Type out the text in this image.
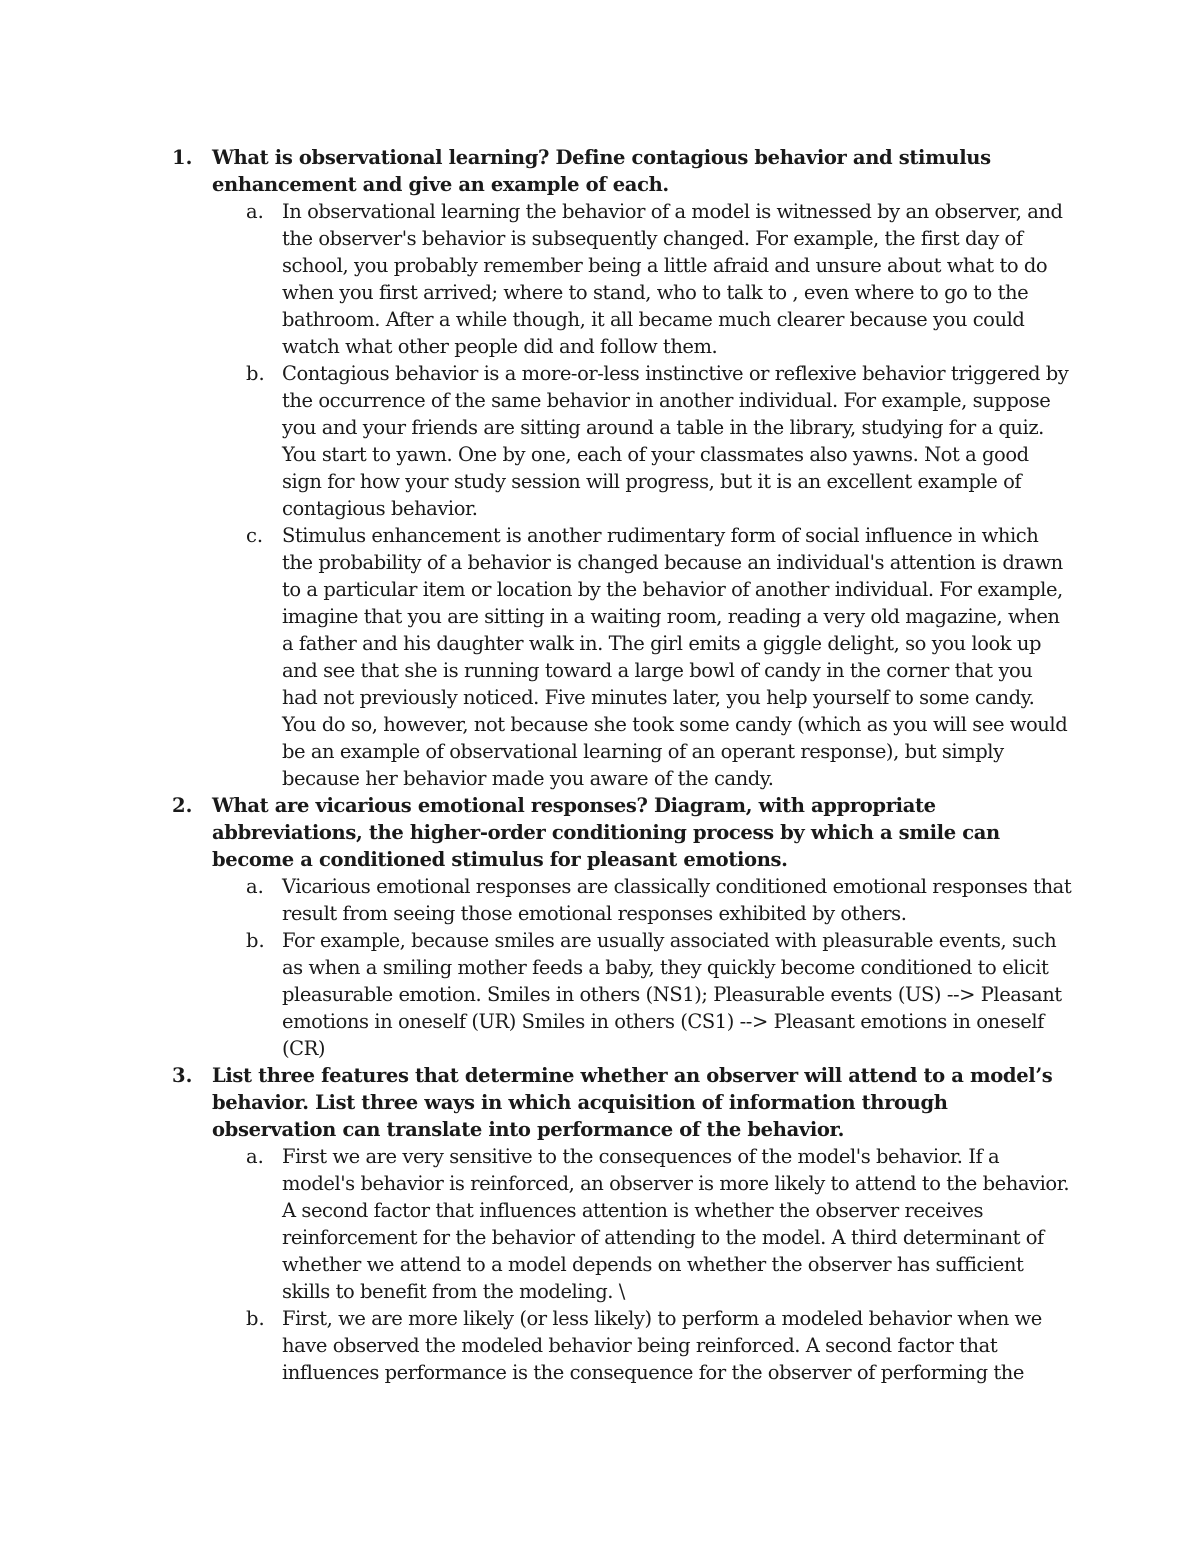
1. What is observational learning? Define contagious behavior and stimulus enhancement and give an example of each.

a. In observational learning the behavior of a model is witnessed by an observer, and the observer's behavior is subsequently changed. For example, the first day of school, you probably remember being a little afraid and unsure about what to do when you first arrived; where to stand, who to talk to , even where to go to the bathroom. After a while though, it all became much clearer because you could watch what other people did and follow them.

b. Contagious behavior is a more-or-less instinctive or reflexive behavior triggered by the occurrence of the same behavior in another individual. For example, suppose you and your friends are sitting around a table in the library, studying for a quiz. You start to yawn. One by one, each of your classmates also yawns. Not a good sign for how your study session will progress, but it is an excellent example of contagious behavior.

c. Stimulus enhancement is another rudimentary form of social influence in which the probability of a behavior is changed because an individual's attention is drawn to a particular item or location by the behavior of another individual. For example, imagine that you are sitting in a waiting room, reading a very old magazine, when a father and his daughter walk in. The girl emits a giggle delight, so you look up and see that she is running toward a large bowl of candy in the corner that you had not previously noticed. Five minutes later, you help yourself to some candy. You do so, however, not because she took some candy (which as you will see would be an example of observational learning of an operant response), but simply because her behavior made you aware of the candy.

2. What are vicarious emotional responses? Diagram, with appropriate abbreviations, the higher-order conditioning process by which a smile can become a conditioned stimulus for pleasant emotions.

a. Vicarious emotional responses are classically conditioned emotional responses that result from seeing those emotional responses exhibited by others.

b. For example, because smiles are usually associated with pleasurable events, such as when a smiling mother feeds a baby, they quickly become conditioned to elicit pleasurable emotion. Smiles in others (NS1); Pleasurable events (US) --> Pleasant emotions in oneself (UR) Smiles in others (CS1) --> Pleasant emotions in oneself (CR)

3. List three features that determine whether an observer will attend to a model’s behavior. List three ways in which acquisition of information through observation can translate into performance of the behavior.

a. First we are very sensitive to the consequences of the model's behavior. If a model's behavior is reinforced, an observer is more likely to attend to the behavior. A second factor that influences attention is whether the observer receives reinforcement for the behavior of attending to the model. A third determinant of whether we attend to a model depends on whether the observer has sufficient skills to benefit from the modeling. \

b. First, we are more likely (or less likely) to perform a modeled behavior when we have observed the modeled behavior being reinforced. A second factor that influences performance is the consequence for the observer of performing the
